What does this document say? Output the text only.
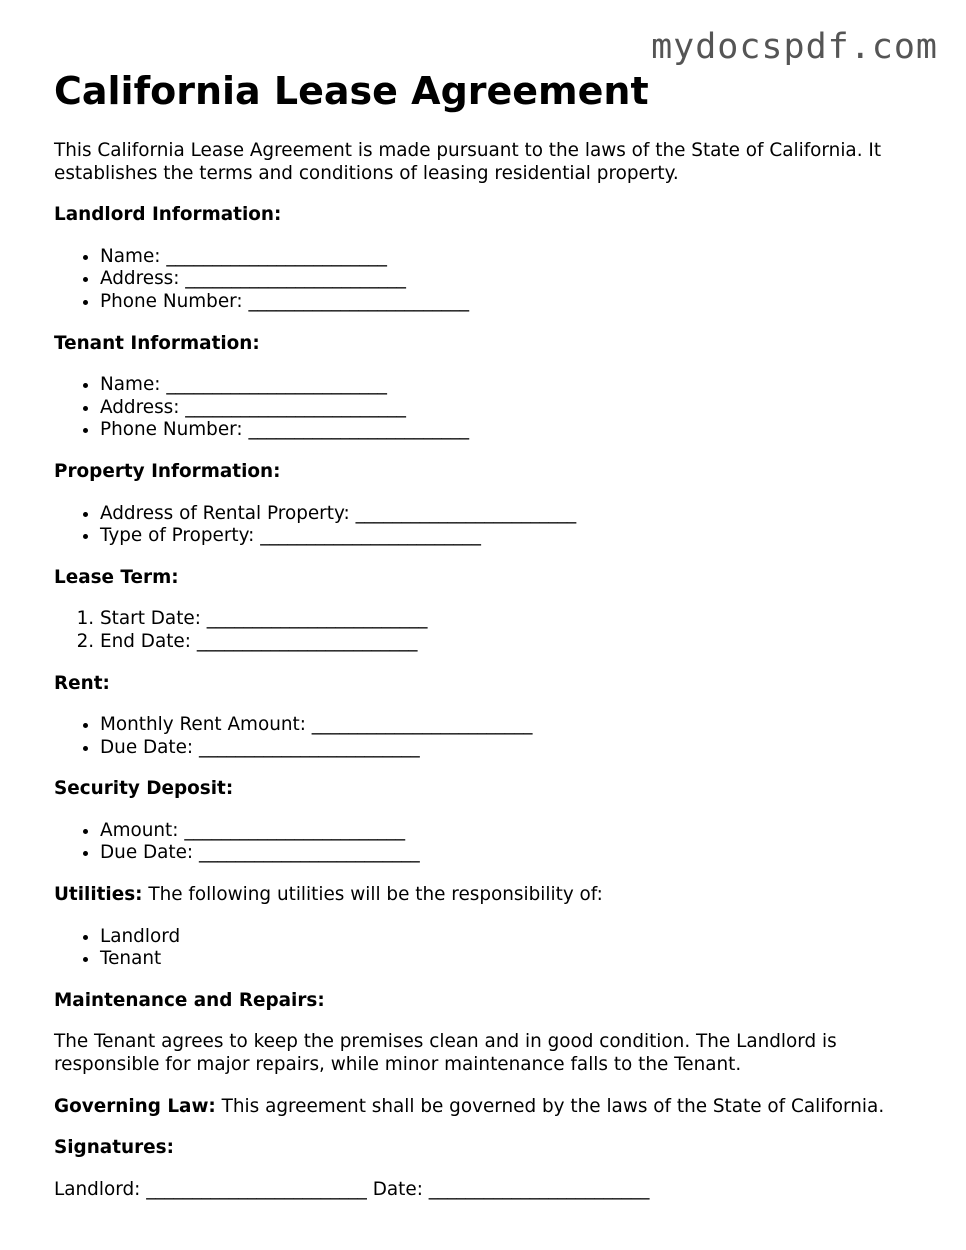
mydocspdf.com
California Lease Agreement

This California Lease Agreement is made pursuant to the laws of the State of California. It establishes the terms and conditions of leasing residential property.

Landlord Information:

• Name: ________________________
• Address: ________________________
• Phone Number: ________________________

Tenant Information:

• Name: ________________________
• Address: ________________________
• Phone Number: ________________________

Property Information:

• Address of Rental Property: ________________________
• Type of Property: ________________________

Lease Term:

1. Start Date: ________________________
2. End Date: ________________________

Rent:

• Monthly Rent Amount: ________________________
• Due Date: ________________________

Security Deposit:

• Amount: ________________________
• Due Date: ________________________

Utilities: The following utilities will be the responsibility of:

• Landlord
• Tenant

Maintenance and Repairs:

The Tenant agrees to keep the premises clean and in good condition. The Landlord is responsible for major repairs, while minor maintenance falls to the Tenant.

Governing Law: This agreement shall be governed by the laws of the State of California.

Signatures:

Landlord: ________________________ Date: ________________________
